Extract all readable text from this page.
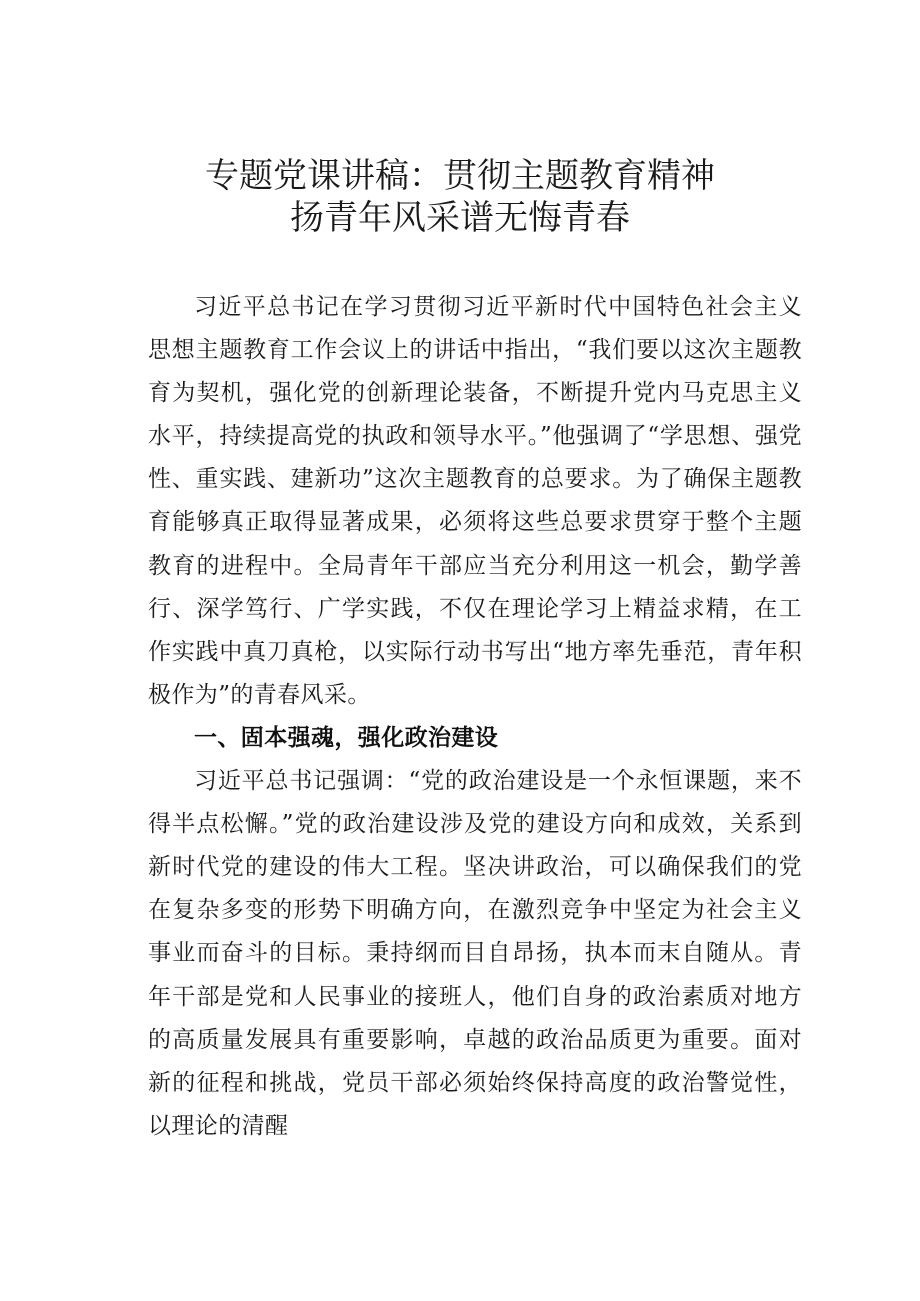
专题党课讲稿：贯彻主题教育精神
扬青年风采谱无悔青春

习近平总书记在学习贯彻习近平新时代中国特色社会主义思想主题教育工作会议上的讲话中指出，“我们要以这次主题教育为契机，强化党的创新理论装备，不断提升党内马克思主义水平，持续提高党的执政和领导水平。”他强调了“学思想、强党性、重实践、建新功”这次主题教育的总要求。为了确保主题教育能够真正取得显著成果，必须将这些总要求贯穿于整个主题教育的进程中。全局青年干部应当充分利用这一机会，勤学善行、深学笃行、广学实践，不仅在理论学习上精益求精，在工作实践中真刀真枪，以实际行动书写出“地方率先垂范，青年积极作为”的青春风采。

一、固本强魂，强化政治建设

习近平总书记强调：“党的政治建设是一个永恒课题，来不得半点松懈。”党的政治建设涉及党的建设方向和成效，关系到新时代党的建设的伟大工程。坚决讲政治，可以确保我们的党在复杂多变的形势下明确方向，在激烈竞争中坚定为社会主义事业而奋斗的目标。秉持纲而目自昂扬，执本而末自随从。青年干部是党和人民事业的接班人，他们自身的政治素质对地方的高质量发展具有重要影响，卓越的政治品质更为重要。面对新的征程和挑战，党员干部必须始终保持高度的政治警觉性，以理论的清醒
